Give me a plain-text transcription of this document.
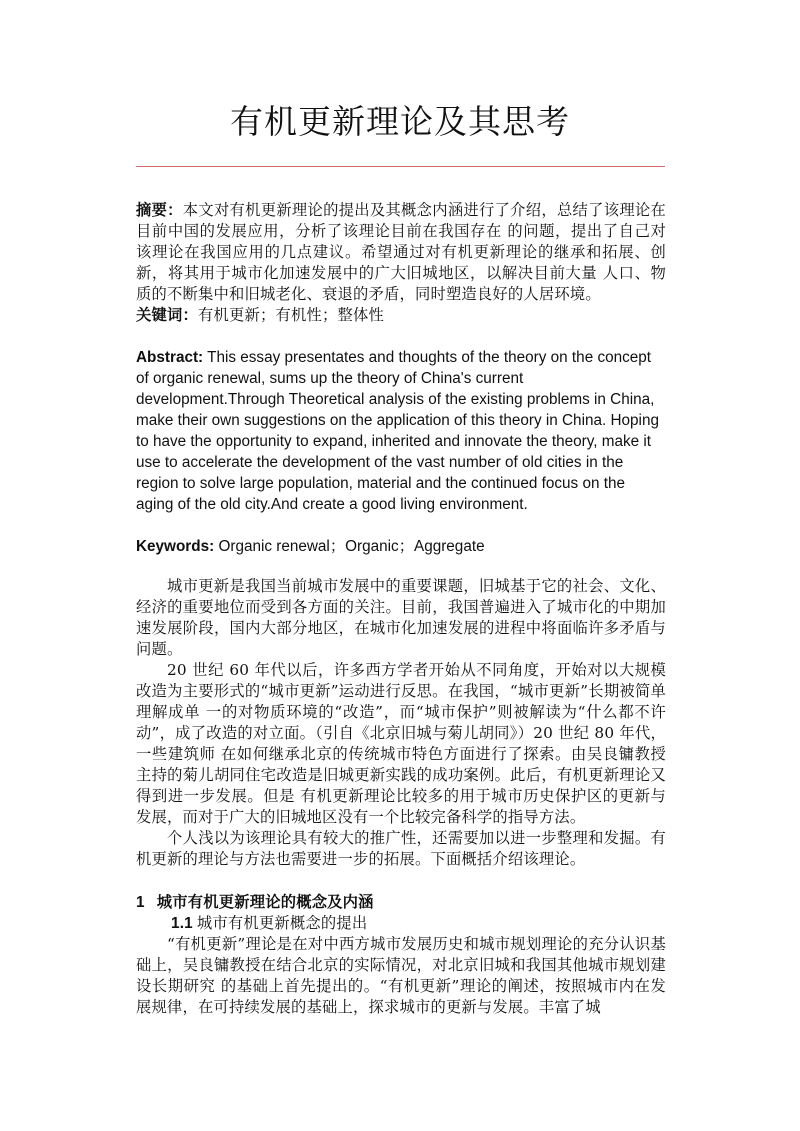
有机更新理论及其思考

摘要：本文对有机更新理论的提出及其概念内涵进行了介绍，总结了该理论在目前中国的发展应用，分析了该理论目前在我国存在 的问题，提出了自己对该理论在我国应用的几点建议。希望通过对有机更新理论的继承和拓展、创新，将其用于城市化加速发展中的广大旧城地区，以解决目前大量 人口、物质的不断集中和旧城老化、衰退的矛盾，同时塑造良好的人居环境。

关键词：有机更新；有机性；整体性

Abstract: This essay presentates and thoughts of the theory on the concept of organic renewal, sums up the theory of China's current development.Through Theoretical analysis of the existing problems in China, make their own suggestions on the application of this theory in China. Hoping to have the opportunity to expand, inherited and innovate the theory, make it use to accelerate the development of the vast number of old cities in the region to solve large population, material and the continued focus on the aging of the old city.And create a good living environment.

Keywords: Organic renewal；Organic；Aggregate

城市更新是我国当前城市发展中的重要课题，旧城基于它的社会、文化、经济的重要地位而受到各方面的关注。目前，我国普遍进入了城市化的中期加速发展阶段，国内大部分地区，在城市化加速发展的进程中将面临许多矛盾与问题。

20 世纪 60 年代以后，许多西方学者开始从不同角度，开始对以大规模改造为主要形式的“城市更新”运动进行反思。在我国，“城市更新”长期被简单理解成单 一的对物质环境的“改造”，而“城市保护”则被解读为“什么都不许动”，成了改造的对立面。（引自《北京旧城与菊儿胡同》）20 世纪 80 年代，一些建筑师 在如何继承北京的传统城市特色方面进行了探索。由吴良镛教授主持的菊儿胡同住宅改造是旧城更新实践的成功案例。此后，有机更新理论又得到进一步发展。但是 有机更新理论比较多的用于城市历史保护区的更新与发展，而对于广大的旧城地区没有一个比较完备科学的指导方法。

个人浅以为该理论具有较大的推广性，还需要加以进一步整理和发掘。有机更新的理论与方法也需要进一步的拓展。下面概括介绍该理论。

1 城市有机更新理论的概念及内涵

1.1 城市有机更新概念的提出

“有机更新”理论是在对中西方城市发展历史和城市规划理论的充分认识基础上，吴良镛教授在结合北京的实际情况，对北京旧城和我国其他城市规划建设长期研究 的基础上首先提出的。“有机更新”理论的阐述，按照城市内在发展规律，在可持续发展的基础上，探求城市的更新与发展。丰富了城
